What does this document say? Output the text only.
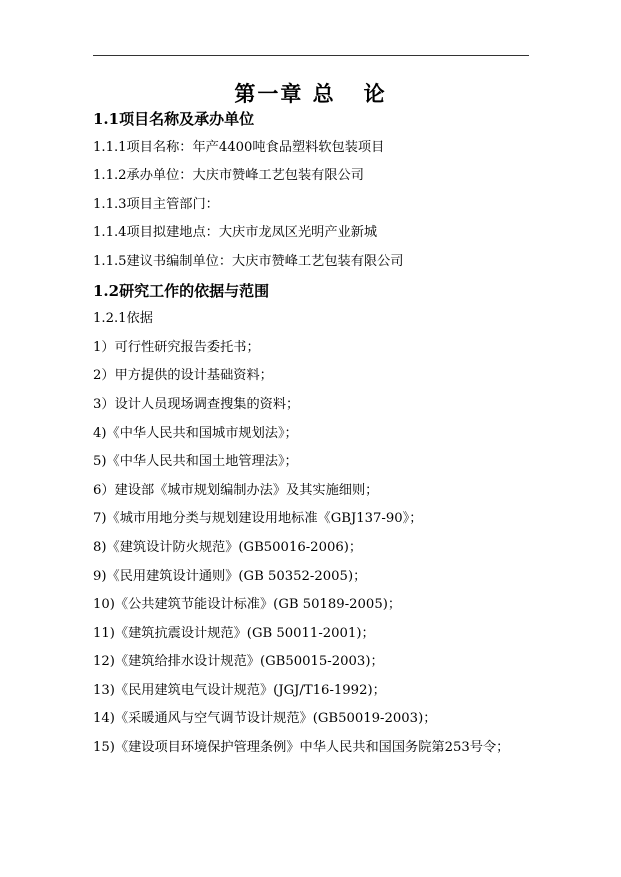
第一章 总   论
1.1项目名称及承办单位
1.1.1项目名称：年产4400吨食品塑料软包装项目
1.1.2承办单位：大庆市赞峰工艺包装有限公司
1.1.3项目主管部门：
1.1.4项目拟建地点：大庆市龙凤区光明产业新城
1.1.5建议书编制单位：大庆市赞峰工艺包装有限公司
1.2研究工作的依据与范围
1.2.1依据
1）可行性研究报告委托书；
2）甲方提供的设计基础资料；
3）设计人员现场调查搜集的资料；
4)《中华人民共和国城市规划法》；
5)《中华人民共和国土地管理法》；
6）建设部《城市规划编制办法》及其实施细则；
7)《城市用地分类与规划建设用地标准《GBJ137-90》；
8)《建筑设计防火规范》(GB50016-2006)；
9)《民用建筑设计通则》(GB 50352-2005)；
10)《公共建筑节能设计标准》(GB 50189-2005)；
11)《建筑抗震设计规范》(GB 50011-2001)；
12)《建筑给排水设计规范》(GB50015-2003)；
13)《民用建筑电气设计规范》(JGJ/T16-1992)；
14)《采暖通风与空气调节设计规范》(GB50019-2003)；
15)《建设项目环境保护管理条例》中华人民共和国国务院第253号令；
